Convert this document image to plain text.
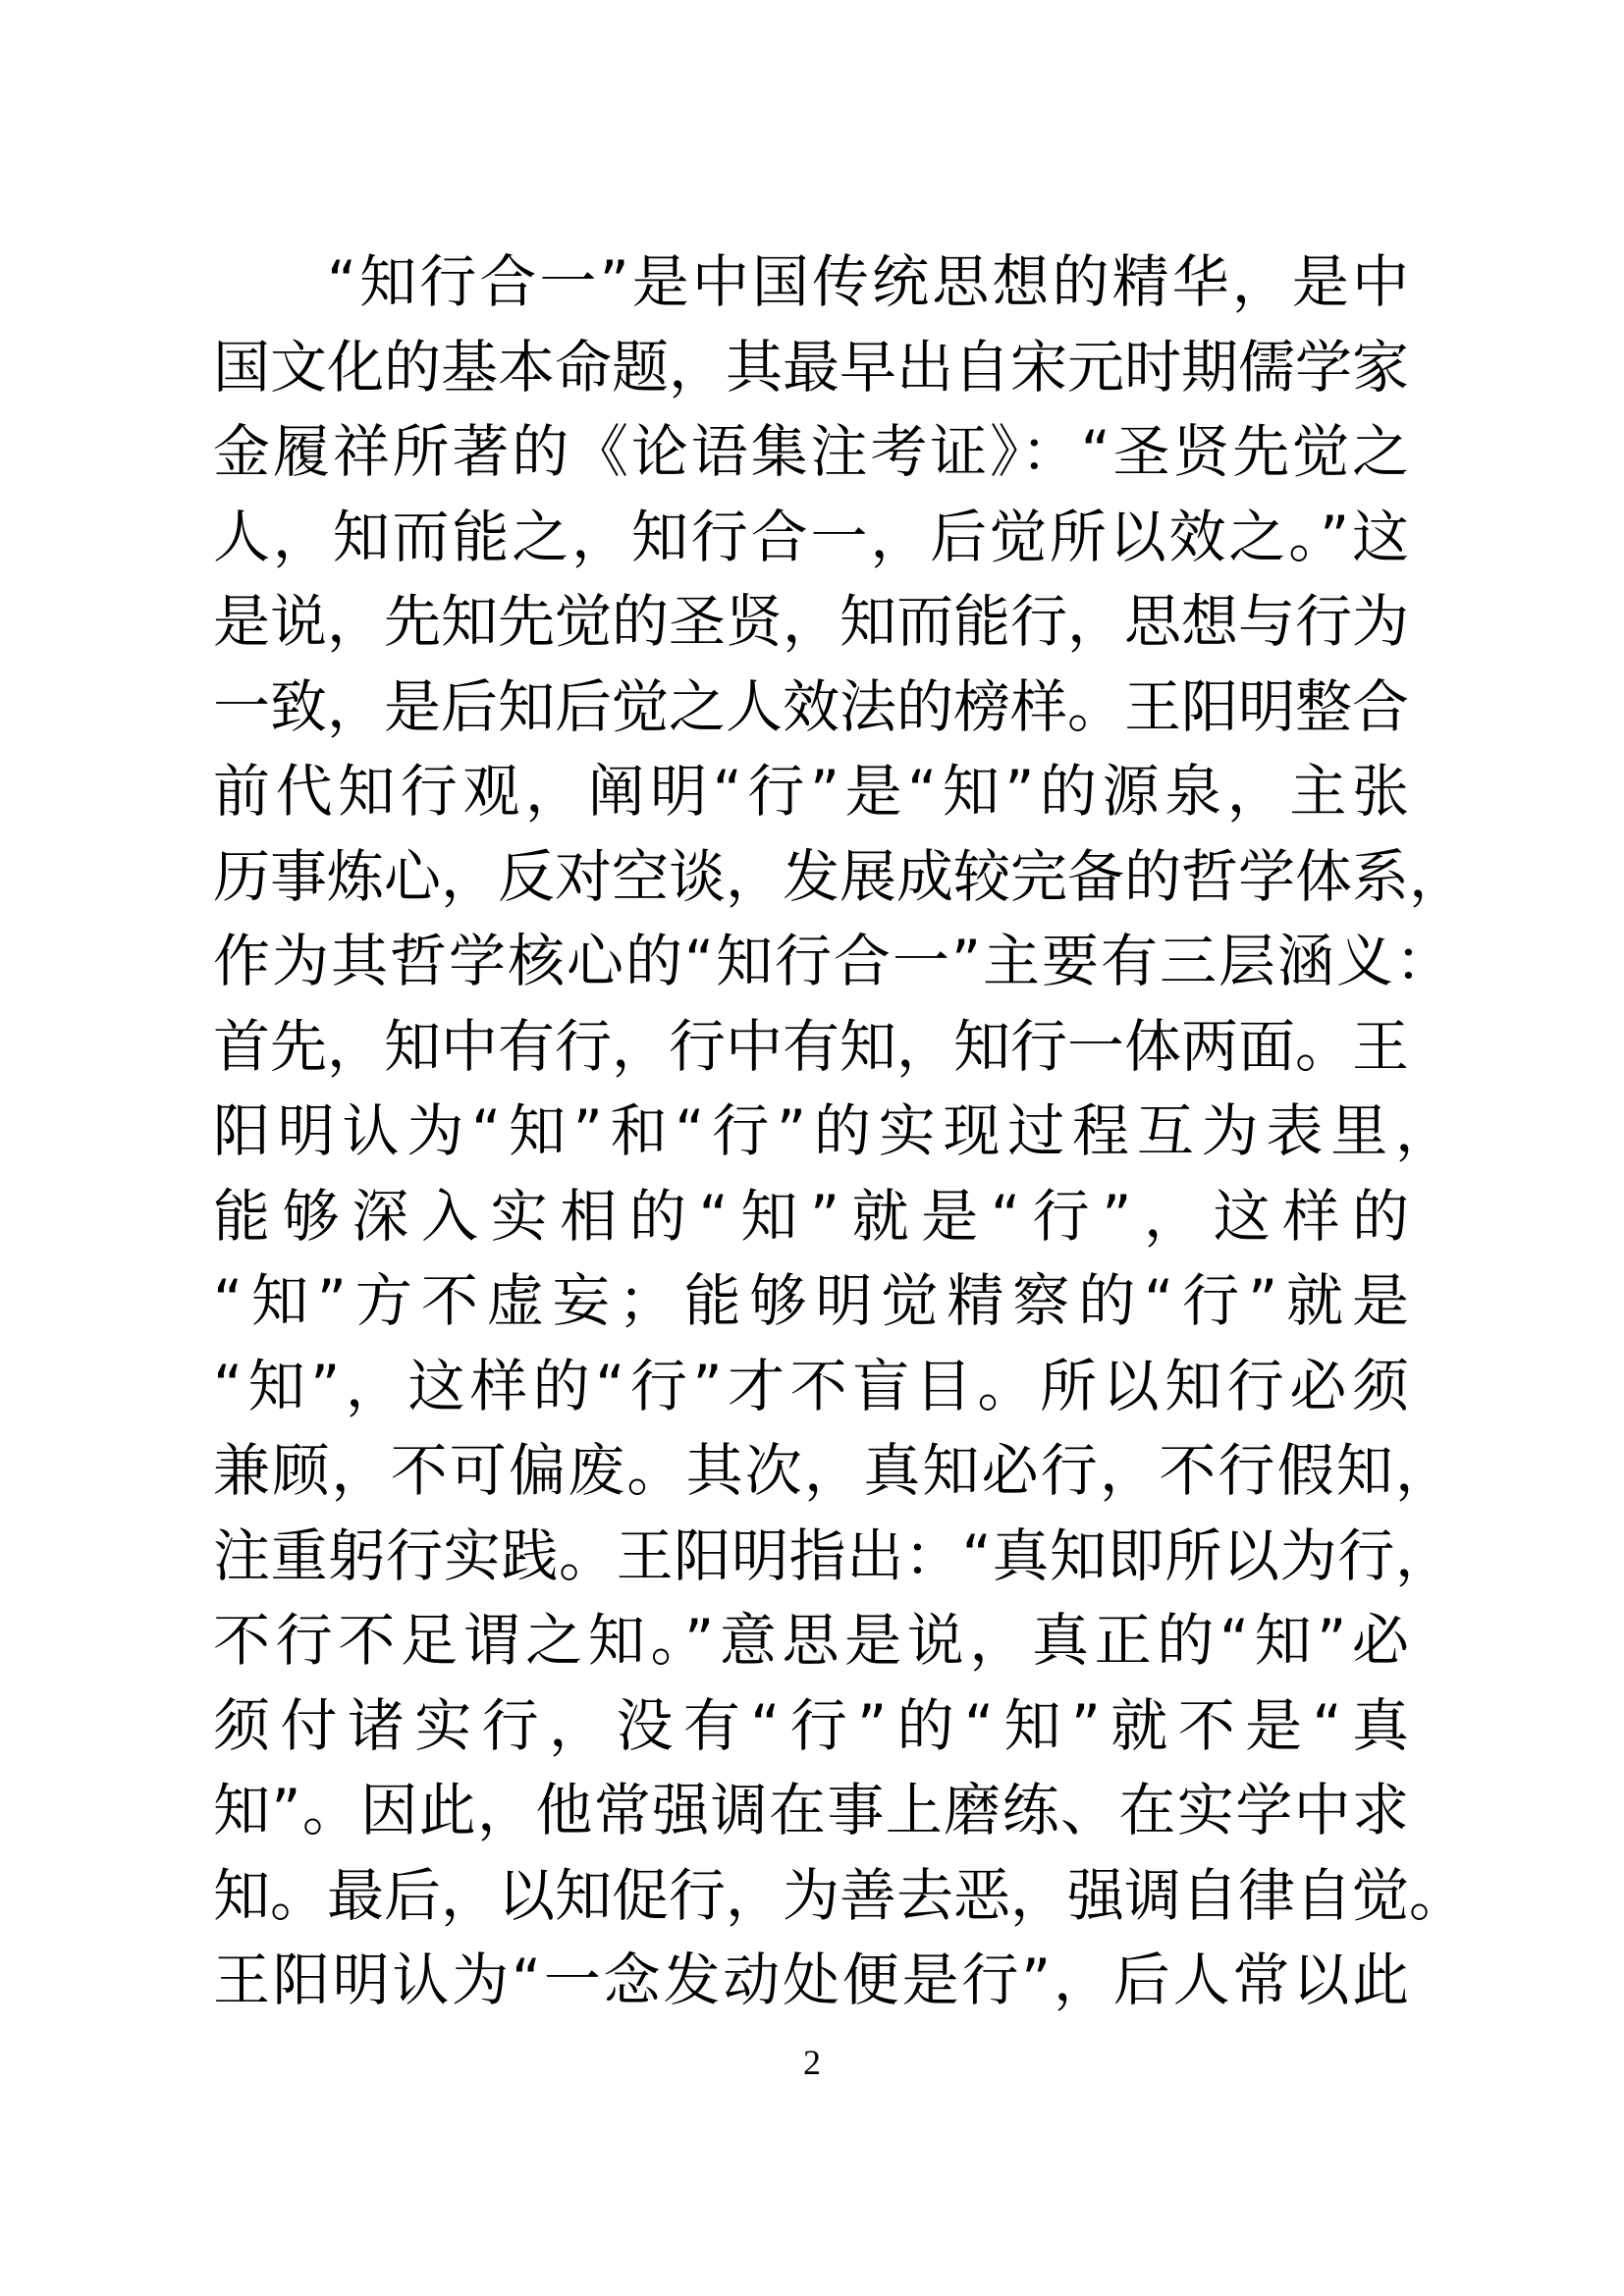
“知行合一”是中国传统思想的精华，是中
国文化的基本命题，其最早出自宋元时期儒学家
金履祥所著的《论语集注考证》：“圣贤先觉之
人，知而能之，知行合一，后觉所以效之。”这
是说，先知先觉的圣贤，知而能行，思想与行为
一致，是后知后觉之人效法的榜样。王阳明整合
前代知行观，阐明“行”是“知”的源泉，主张
历事炼心，反对空谈，发展成较完备的哲学体系，
作为其哲学核心的“知行合一”主要有三层涵义：
首先，知中有行，行中有知，知行一体两面。王
阳明认为“知”和“行”的实现过程互为表里，
能够深入实相的“知”就是“行”，这样的
“知”方不虚妄；能够明觉精察的“行”就是
“知”，这样的“行”才不盲目。所以知行必须
兼顾，不可偏废。其次，真知必行，不行假知，
注重躬行实践。王阳明指出：“真知即所以为行，
不行不足谓之知。”意思是说，真正的“知”必
须付诸实行，没有“行”的“知”就不是“真
知”。因此，他常强调在事上磨练、在实学中求
知。最后，以知促行，为善去恶，强调自律自觉。
王阳明认为“一念发动处便是行”，后人常以此
2
